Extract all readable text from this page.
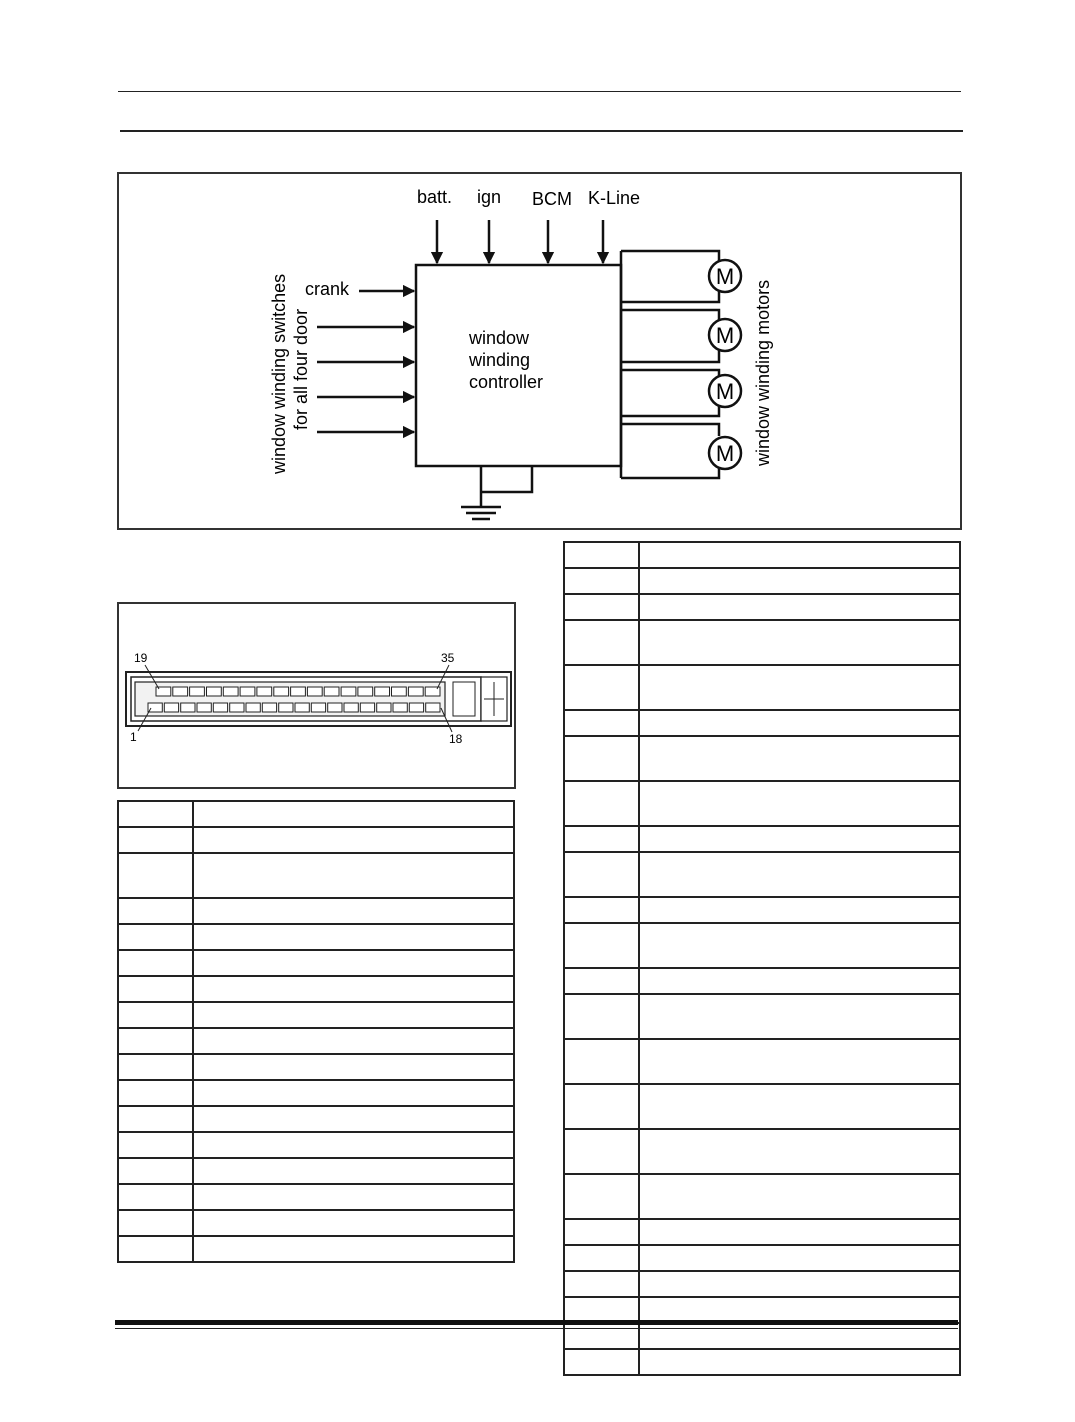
window
winding
controller
batt. ign BCM K-Line
crank
window winding switches for all four door
M
M
M
M window winding motors
19	35
1	18
